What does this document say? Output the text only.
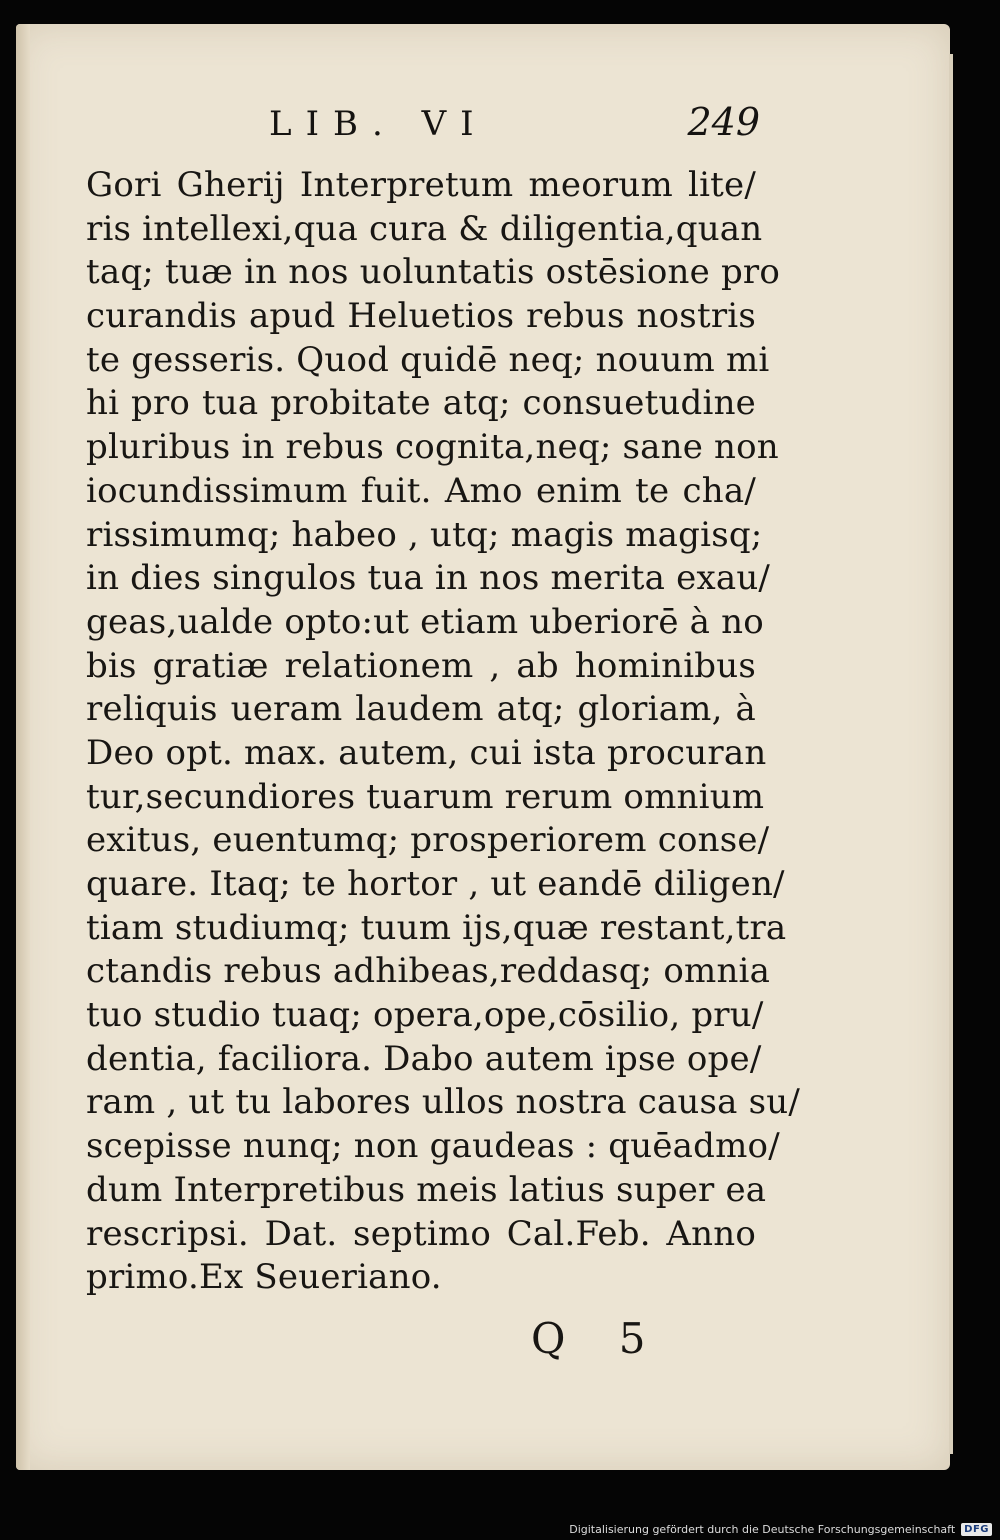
LIB. VI	249
Gori Gherij Interpretum meorum lite/
ris intellexi,qua cura & diligentia,quan
taq; tuæ in nos uoluntatis ostēsione pro
curandis apud Heluetios rebus nostris
te gesseris. Quod quidē neq; nouum mi
hi pro tua probitate atq; consuetudine
pluribus in rebus cognita,neq; sane non
iocundissimum fuit. Amo enim te cha/
rissimumq; habeo , utq; magis magisq;
in dies singulos tua in nos merita exau/
geas,ualde opto:ut etiam uberiorē à no
bis gratiæ relationem , ab hominibus
reliquis ueram laudem atq; gloriam, à
Deo opt. max. autem, cui ista procuran
tur,secundiores tuarum rerum omnium
exitus, euentumq; prosperiorem conse/
quare. Itaq; te hortor , ut eandē diligen/
tiam studiumq; tuum ijs,quæ restant,tra
ctandis rebus adhibeas,reddasq; omnia
tuo studio tuaq; opera,ope,cōsilio, pru/
dentia, faciliora. Dabo autem ipse ope/
ram , ut tu labores ullos nostra causa su/
scepisse nunq; non gaudeas : quēadmo/
dum Interpretibus meis latius super ea
rescripsi. Dat. septimo Cal.Feb. Anno
primo.Ex Seueriano.
Q 5
Digitalisierung gefördert durch die Deutsche Forschungsgemeinschaft DFG
